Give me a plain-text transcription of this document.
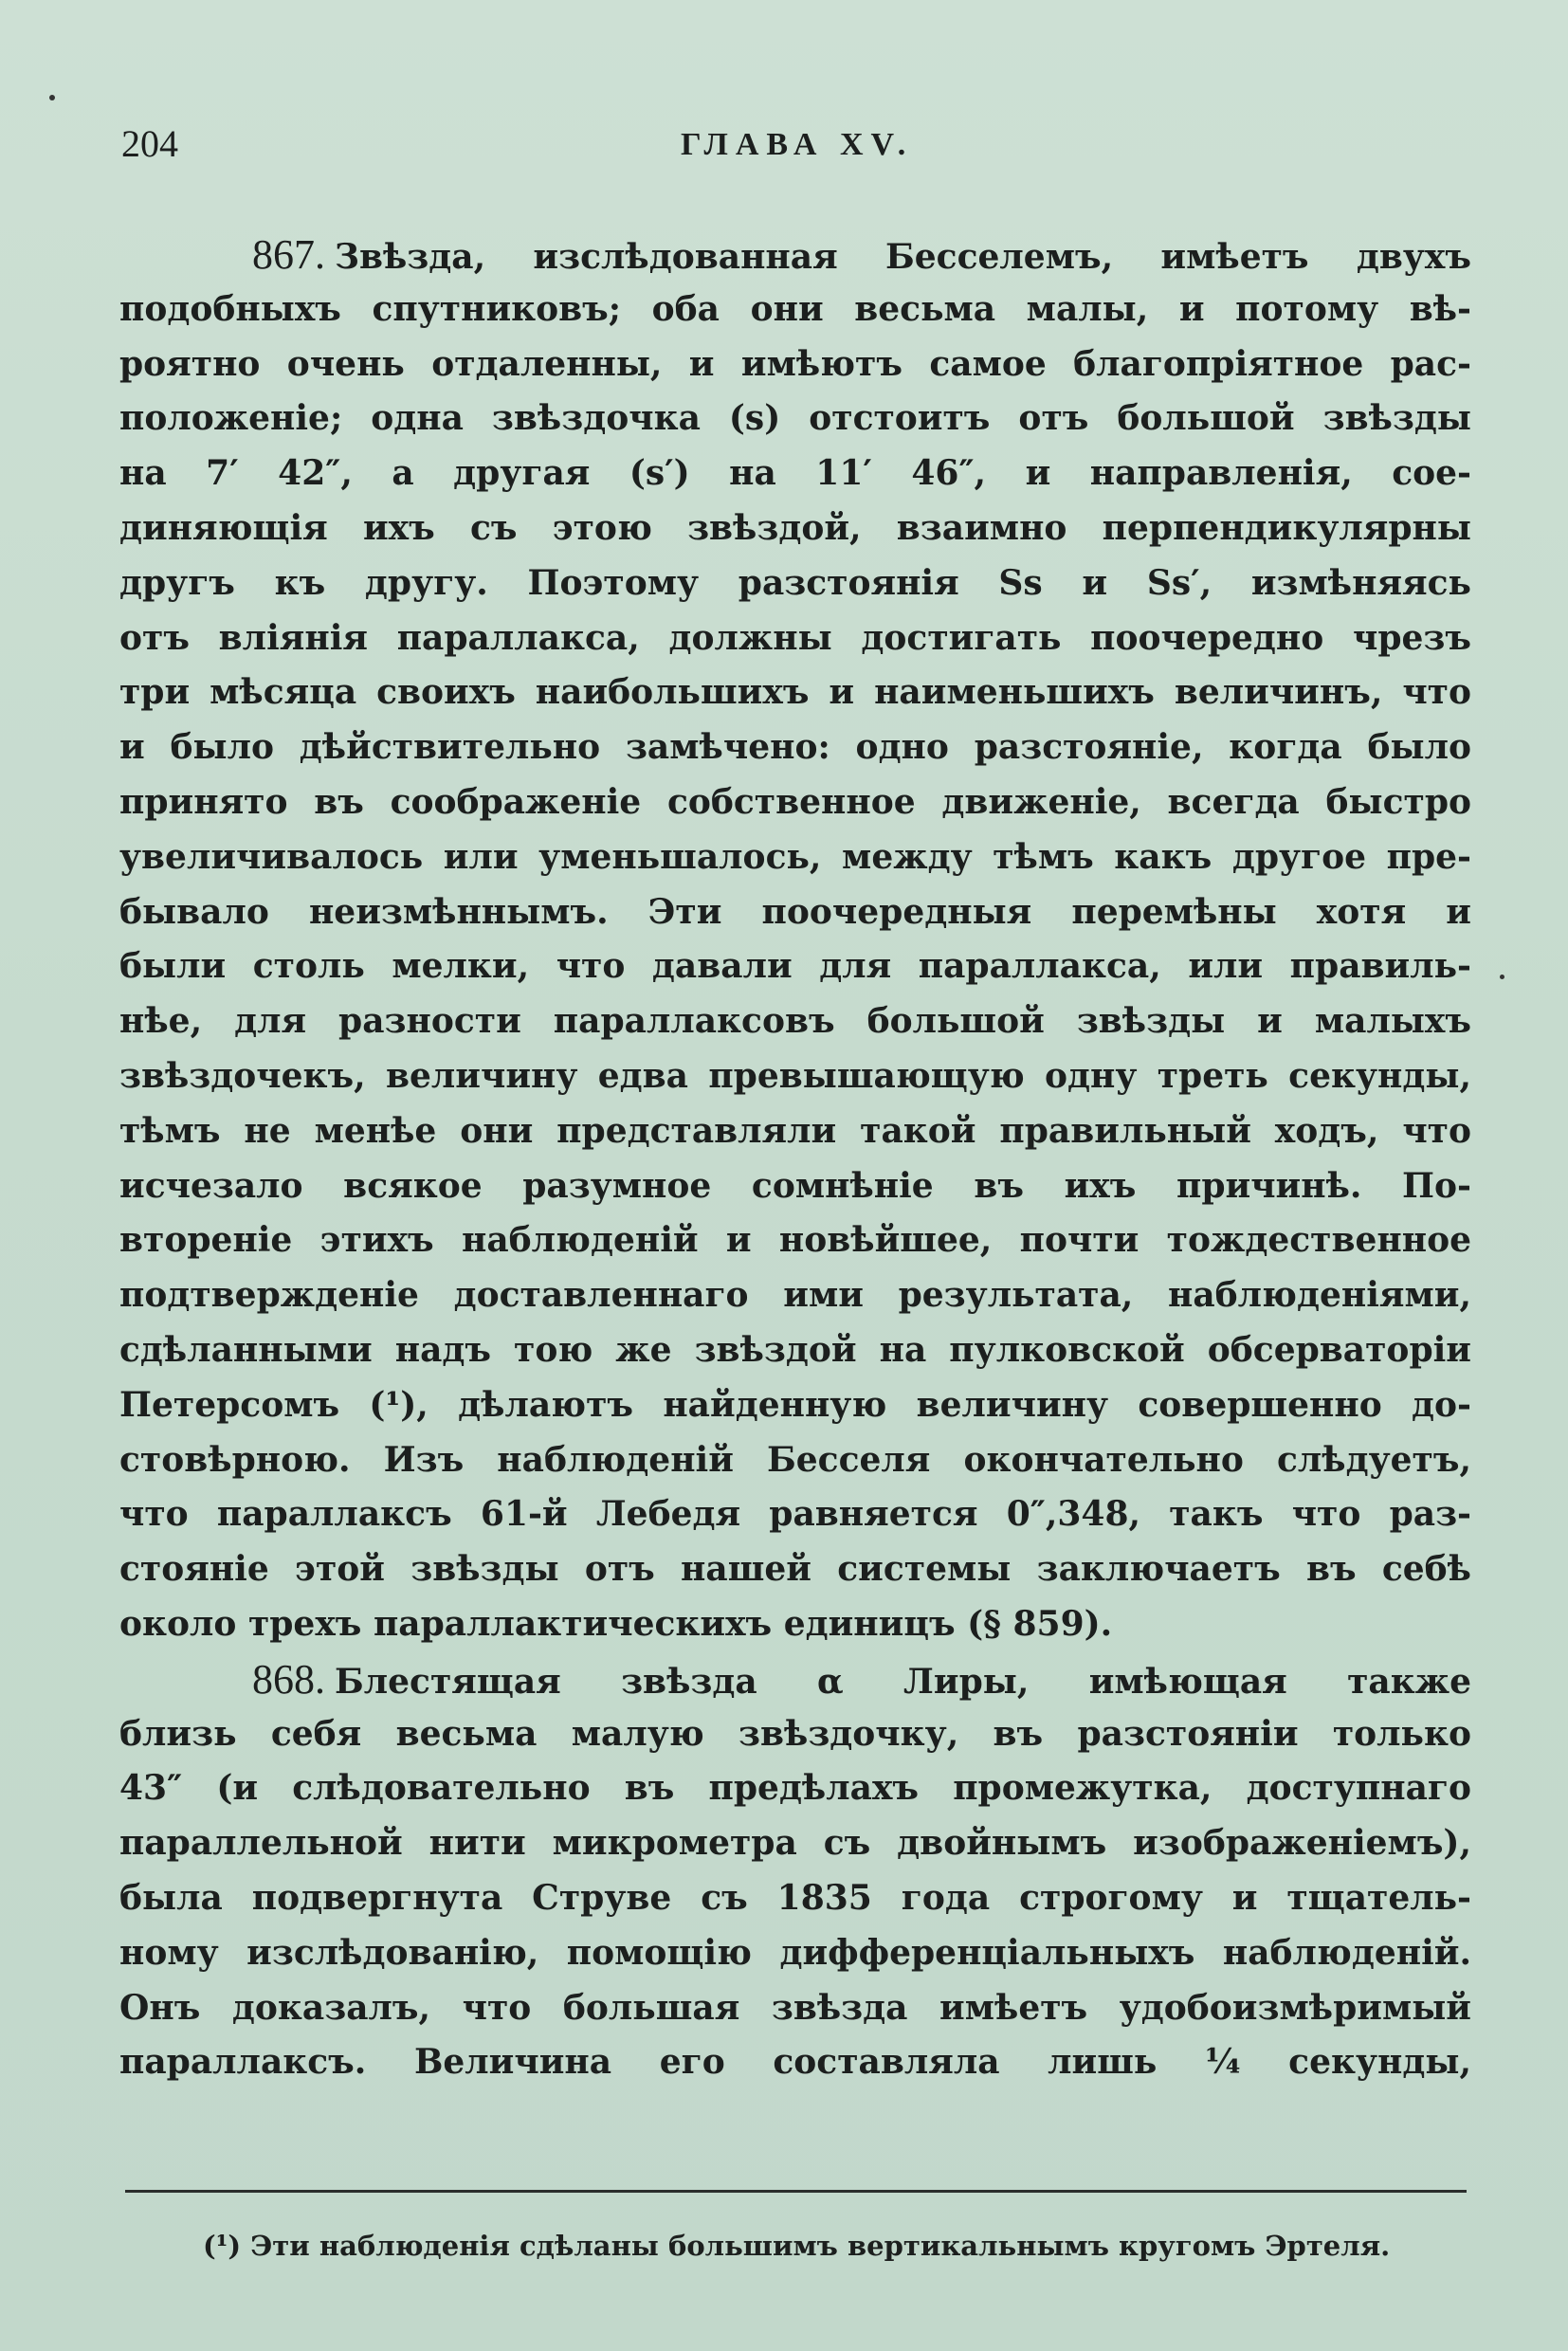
204	ГЛАВА XV.
867. Звѣзда, изслѣдованная Бесселемъ, имѣетъ двухъ
подобныхъ спутниковъ; оба они весьма малы, и потому вѣ-
роятно очень отдаленны, и имѣютъ самое благопріятное рас-
положеніе; одна звѣздочка (s) отстоитъ отъ большой звѣзды
на 7′ 42″, а другая (s′) на 11′ 46″, и направленія, сое-
диняющія ихъ съ этою звѣздой, взаимно перпендикулярны
другъ къ другу. Поэтому разстоянія Ss и Ss′, измѣняясь
отъ вліянія параллакса, должны достигать поочередно чрезъ
три мѣсяца своихъ наибольшихъ и наименьшихъ величинъ, что
и было дѣйствительно замѣчено: одно разстояніе, когда было
принято въ соображеніе собственное движеніе, всегда быстро
увеличивалось или уменьшалось, между тѣмъ какъ другое пре-
бывало неизмѣннымъ. Эти поочередныя перемѣны хотя и
были столь мелки, что давали для параллакса, или правиль-
нѣе, для разности параллаксовъ большой звѣзды и малыхъ
звѣздочекъ, величину едва превышающую одну треть секунды,
тѣмъ не менѣе они представляли такой правильный ходъ, что
исчезало всякое разумное сомнѣніе въ ихъ причинѣ. По-
вторенiе этихъ наблюденій и новѣйшее, почти тождественное
подтвержденіе доставленнаго ими результата, наблюденіями,
сдѣланными надъ тою же звѣздой на пулковской обсерваторіи
Петерсомъ (¹), дѣлаютъ найденную величину совершенно до-
стовѣрною. Изъ наблюденій Бесселя окончательно слѣдуетъ,
что параллаксъ 61-й Лебедя равняется 0″,348, такъ что раз-
стояніе этой звѣзды отъ нашей системы заключаетъ въ себѣ
около трехъ параллактическихъ единицъ (§ 859).
868. Блестящая звѣзда α Лиры, имѣющая также
близь себя весьма малую звѣздочку, въ разстояніи только
43″ (и слѣдовательно въ предѣлахъ промежутка, доступнаго
параллельной нити микрометра съ двойнымъ изображеніемъ),
была подвергнута Струве съ 1835 года строгому и тщатель-
ному изслѣдованію, помощію дифференціальныхъ наблюденій.
Онъ доказалъ, что большая звѣзда имѣетъ удобоизмѣримый
параллаксъ. Величина его составляла лишь ¼ секунды,
(¹) Эти наблюденія сдѣланы большимъ вертикальнымъ кругомъ Эртеля.
